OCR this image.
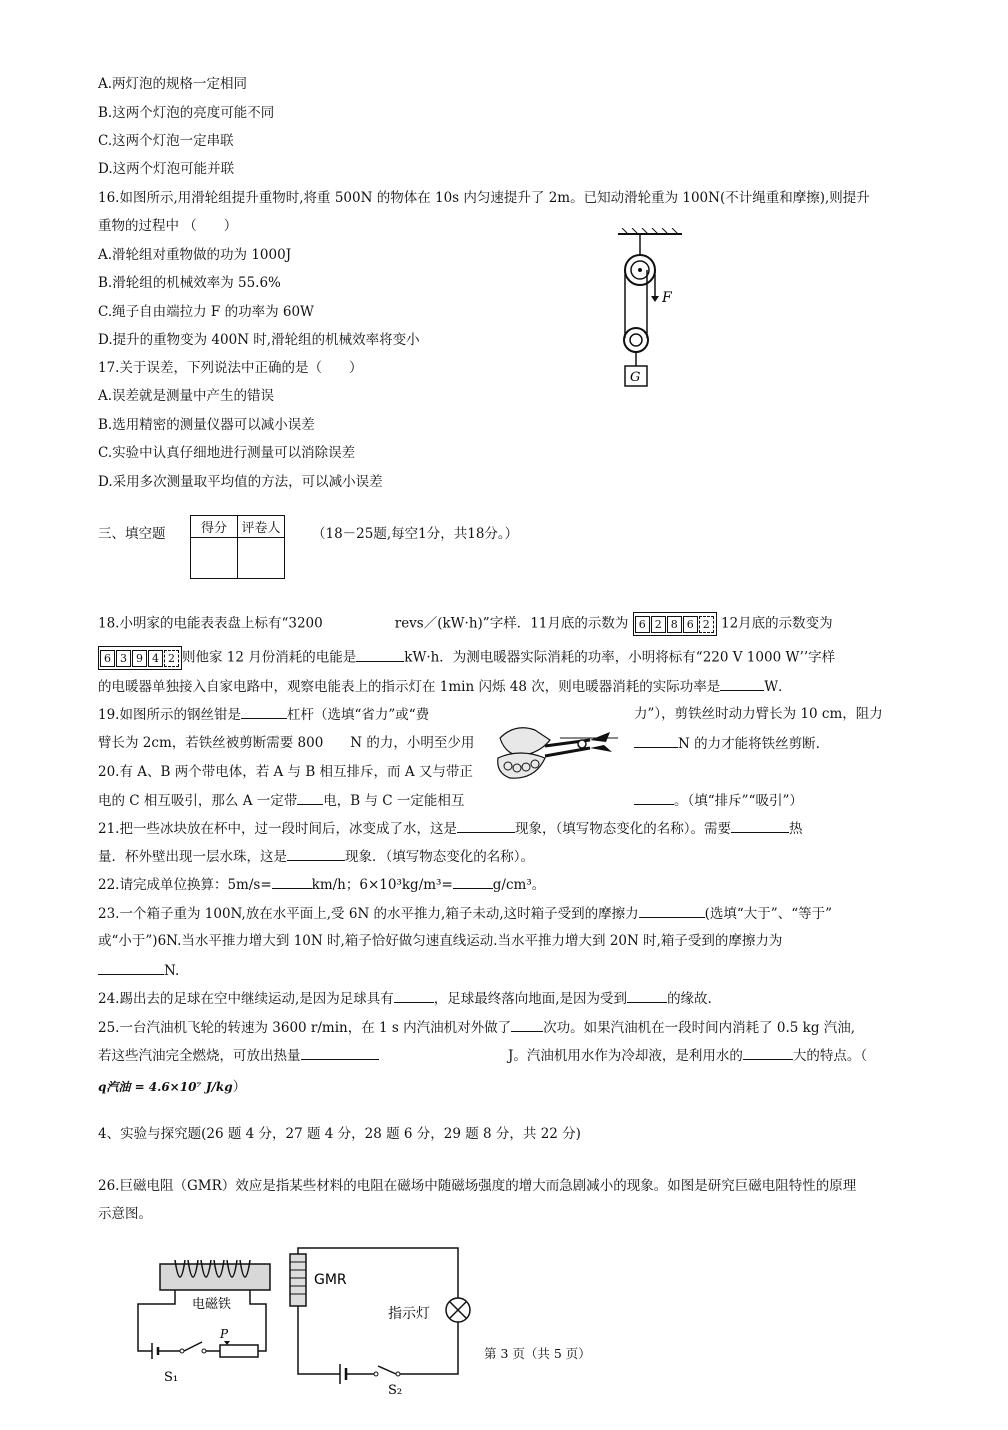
A.两灯泡的规格一定相同
B.这两个灯泡的亮度可能不同
C.这两个灯泡一定串联
D.这两个灯泡可能并联
16.如图所示,用滑轮组提升重物时,将重 500N 的物体在 10s 内匀速提升了 2m。已知动滑轮重为 100N(不计绳重和摩擦),则提升
重物的过程中 （　　）
A.滑轮组对重物做的功为 1000J
B.滑轮组的机械效率为 55.6%
C.绳子自由端拉力 F 的功率为 60W
D.提升的重物变为 400N 时,滑轮组的机械效率将变小
F
G
17.关于误差，下列说法中正确的是（　　）
A.误差就是测量中产生的错误
B.选用精密的测量仪器可以减小误差
C.实验中认真仔细地进行测量可以消除误差
D.采用多次测量取平均值的方法，可以减小误差
三、填空题	得分	评卷人
	（18－25题,每空1分，共18分。）
18.小明家的电能表表盘上标有“3200	revs／(kW·h)”字样．11月底的示数为 6 2 8 6 2 12月底的示数变为
6 3 9 4 2 则他家 12 月份消耗的电能是	kW·h．为测电暖器实际消耗的功率，小明将标有“220 V 1000 W’’字样
的电暖器单独接入自家电路中，观察电能表上的指示灯在 1min 闪烁 48 次，则电暖器消耗的实际功率是	W．
19.如图所示的钢丝钳是	杠杆（选填“省力”或“费	力”），剪铁丝时动力臂长为 10 cm，阻力
臂长为 2cm，若铁丝被剪断需要 800　　N 的力，小明至少用	N 的力才能将铁丝剪断.
20.有 A、B 两个带电体，若 A 与 B 相互排斥，而 A 又与带正
电的 C 相互吸引，那么 A 一定带 电，B 与 C 一定能相互	。（填“排斥”“吸引”）
21.把一些冰块放在杯中，过一段时间后，冰变成了水，这是	现象，（填写物态变化的名称）。需要	热
量．杯外壁出现一层水珠，这是	现象．（填写物态变化的名称）。
22.请完成单位换算：5m/s=	km/h；6×10³kg/m³=	g/cm³。
23.一个箱子重为 100N,放在水平面上,受 6N 的水平推力,箱子未动,这时箱子受到的摩擦力	(选填“大于”、“等于”
或“小于”)6N.当水平推力增大到 10N 时,箱子恰好做匀速直线运动.当水平推力增大到 20N 时,箱子受到的摩擦力为
N.
24.踢出去的足球在空中继续运动,是因为足球具有	，足球最终落向地面,是因为受到	的缘故.
25.一台汽油机飞轮的转速为 3600 r/min，在 1 s 内汽油机对外做了 次功。如果汽油机在一段时间内消耗了 0.5 kg 汽油,
若这些汽油完全燃烧，可放出热量	J。汽油机用水作为冷却液，是利用水的	大的特点。（
q汽油 = 4.6×10⁷ J/kg）
4、实验与探究题(26 题 4 分，27 题 4 分，28 题 6 分，29 题 8 分，共 22 分)
26.巨磁电阻（GMR）效应是指某些材料的电阻在磁场中随磁场强度的增大而急剧减小的现象。如图是研究巨磁电阻特性的原理
示意图。
电磁铁
S₁
P
GMR
指示灯
S₂
第 3 页（共 5 页）
